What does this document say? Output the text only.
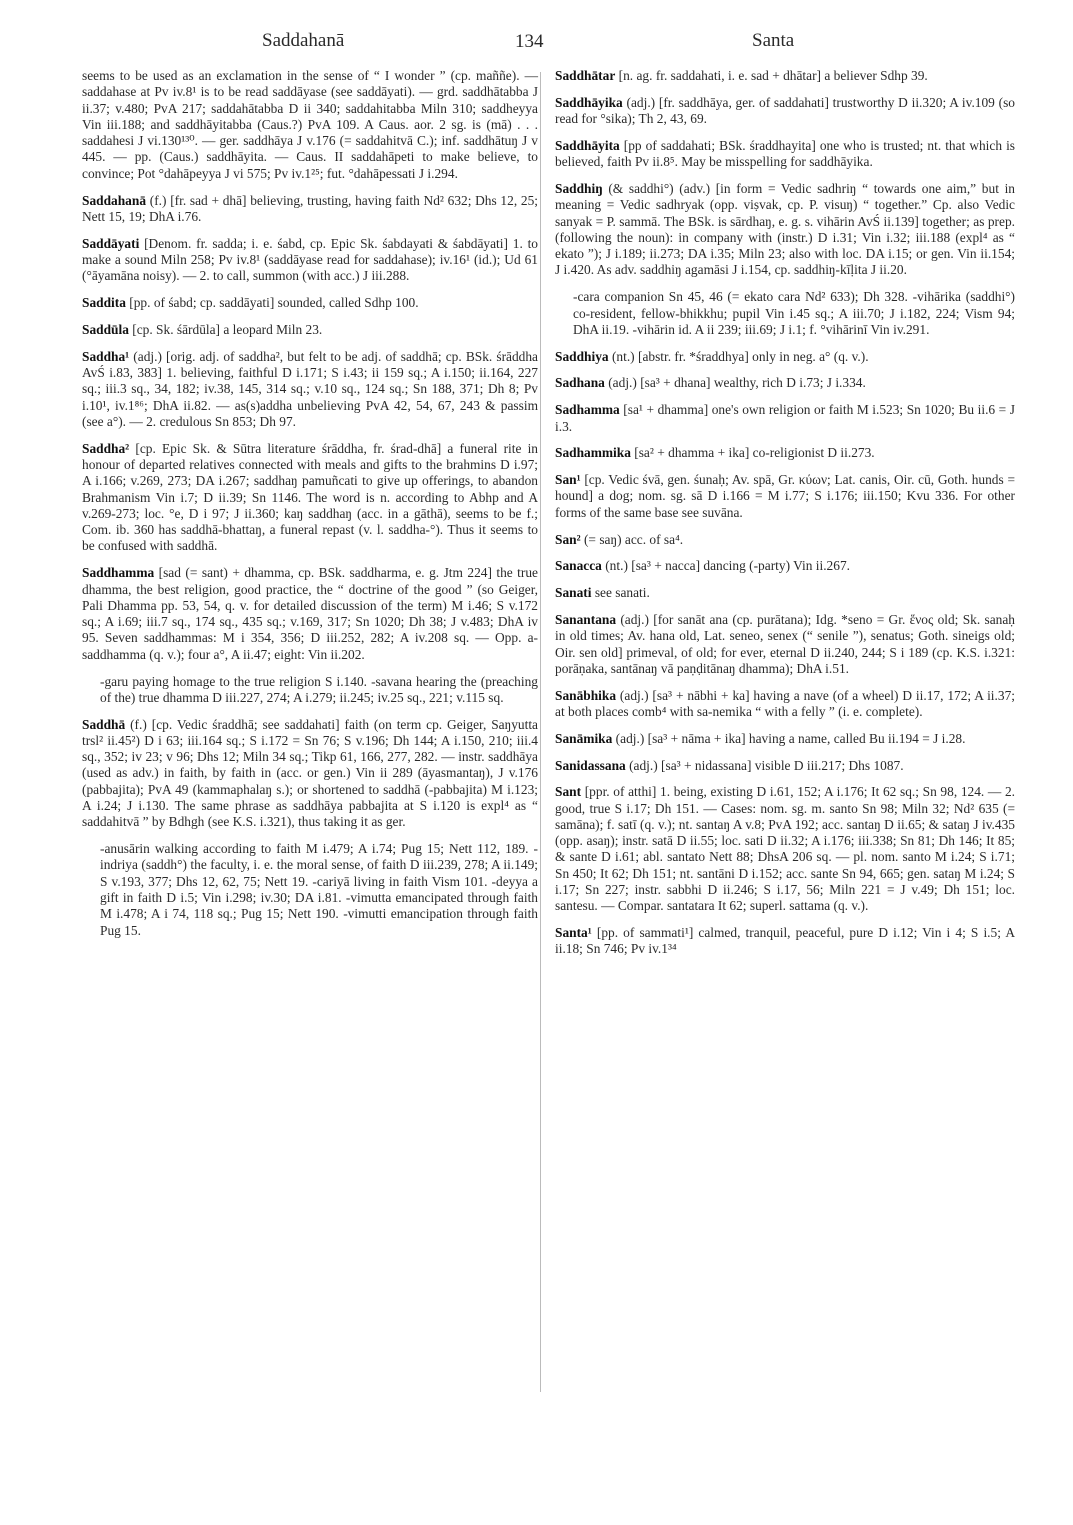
Saddahanā	134	Santa
seems to be used as an exclamation in the sense of “ I wonder ” (cp. maññe). — saddahase at Pv iv.8¹ is to be read saddāyase (see saddāyati). — grd. saddhātabba J ii.37; v.480; PvA 217; saddahātabba D ii 340; saddahitabba Miln 310; saddheyya Vin iii.188; and saddhāyitabba (Caus.?) PvA 109. A Caus. aor. 2 sg. is (mā) . . . saddahesi J vi.130¹³⁰. — ger. saddhāya J v.176 (= saddahitvā C.); inf. saddhātuŋ J v 445. — pp. (Caus.) saddhāyita. — Caus. II saddahāpeti to make believe, to convince; Pot °dahāpeyya J vi 575; Pv iv.1²⁵; fut. °dahāpessati J i.294.
Saddahanā (f.) [fr. sad + dhā] believing, trusting, having faith Nd² 632; Dhs 12, 25; Nett 15, 19; DhA i.76.
Saddāyati [Denom. fr. sadda; i. e. śabd, cp. Epic Sk. śabdayati & śabdāyati] 1. to make a sound Miln 258; Pv iv.8¹ (saddāyase read for saddahase); iv.16¹ (id.); Ud 61 (°āyamāna noisy). — 2. to call, summon (with acc.) J iii.288.
Saddita [pp. of śabd; cp. saddāyati] sounded, called Sdhp 100.
Saddūla [cp. Sk. śārdūla] a leopard Miln 23.
Saddha¹ (adj.) [orig. adj. of saddha², but felt to be adj. of saddhā; cp. BSk. śrāddha AvŚ i.83, 383] 1. believing, faithful D i.171; S i.43; ii 159 sq.; A i.150; ii.164, 227 sq.; iii.3 sq., 34, 182; iv.38, 145, 314 sq.; v.10 sq., 124 sq.; Sn 188, 371; Dh 8; Pv i.10¹, iv.1⁸⁶; DhA ii.82. — as(s)addha unbelieving PvA 42, 54, 67, 243 & passim (see a°). — 2. credulous Sn 853; Dh 97.
Saddha² [cp. Epic Sk. & Sūtra literature śrāddha, fr. śrad-dhā] a funeral rite in honour of departed relatives connected with meals and gifts to the brahmins D i.97; A i.166; v.269, 273; DA i.267; saddhaŋ pamuñcati to give up offerings, to abandon Brahmanism Vin i.7; D ii.39; Sn 1146. The word is n. according to Abhp and A v.269-273; loc. °e, D i 97; J ii.360; kaŋ saddhaŋ (acc. in a gāthā), seems to be f.; Com. ib. 360 has saddhā-bhattaŋ, a funeral repast (v. l. saddha-°). Thus it seems to be confused with saddhā.
Saddhamma [sad (= sant) + dhamma, cp. BSk. saddharma, e. g. Jtm 224] the true dhamma, the best religion, good practice, the “ doctrine of the good ” (so Geiger, Pali Dhamma pp. 53, 54, q. v. for detailed discussion of the term) M i.46; S v.172 sq.; A i.69; iii.7 sq., 174 sq., 435 sq.; v.169, 317; Sn 1020; Dh 38; J v.483; DhA iv 95. Seven saddhammas: M i 354, 356; D iii.252, 282; A iv.208 sq. — Opp. a-saddhamma (q. v.); four a°, A ii.47; eight: Vin ii.202.
-garu paying homage to the true religion S i.140. -savana hearing the (preaching of the) true dhamma D iii.227, 274; A i.279; ii.245; iv.25 sq., 221; v.115 sq.
Saddhā (f.) [cp. Vedic śraddhā; see saddahati] faith (on term cp. Geiger, Saŋyutta trsl² ii.45²) D i 63; iii.164 sq.; S i.172 = Sn 76; S v.196; Dh 144; A i.150, 210; iii.4 sq., 352; iv 23; v 96; Dhs 12; Miln 34 sq.; Tikp 61, 166, 277, 282. — instr. saddhāya (used as adv.) in faith, by faith in (acc. or gen.) Vin ii 289 (āyasmantaŋ), J v.176 (pabbajita); PvA 49 (kammaphalaŋ s.); or shortened to saddhā (-pabbajita) M i.123; A i.24; J i.130. The same phrase as saddhāya pabbajita at S i.120 is expl⁴ as “ saddahitvā ” by Bdhgh (see K.S. i.321), thus taking it as ger.
-anusārin walking according to faith M i.479; A i.74; Pug 15; Nett 112, 189. -indriya (saddh°) the faculty, i. e. the moral sense, of faith D iii.239, 278; A ii.149; S v.193, 377; Dhs 12, 62, 75; Nett 19. -cariyā living in faith Vism 101. -deyya a gift in faith D i.5; Vin i.298; iv.30; DA i.81. -vimutta emancipated through faith M i.478; A i 74, 118 sq.; Pug 15; Nett 190. -vimutti emancipation through faith Pug 15.
Saddhātar [n. ag. fr. saddahati, i. e. sad + dhātar] a believer Sdhp 39.
Saddhāyika (adj.) [fr. saddhāya, ger. of saddahati] trustworthy D ii.320; A iv.109 (so read for °sika); Th 2, 43, 69.
Saddhāyita [pp of saddahati; BSk. śraddhayita] one who is trusted; nt. that which is believed, faith Pv ii.8⁵. May be misspelling for saddhāyika.
Saddhiŋ (& saddhi°) (adv.) [in form = Vedic sadhriŋ “ towards one aim,” but in meaning = Vedic sadhryak (opp. viṣvak, cp. P. visuŋ) “ together.” Cp. also Vedic sanyak = P. sammā. The BSk. is sārdhaŋ, e. g. s. vihārin AvŚ ii.139] together; as prep. (following the noun): in company with (instr.) D i.31; Vin i.32; iii.188 (expl⁴ as “ ekato ”); J i.189; ii.273; DA i.35; Miln 23; also with loc. DA i.15; or gen. Vin ii.154; J i.420. As adv. saddhiŋ agamāsi J i.154, cp. saddhiŋ-kīḷita J ii.20.
-cara companion Sn 45, 46 (= ekato cara Nd² 633); Dh 328. -vihārika (saddhi°) co-resident, fellow-bhikkhu; pupil Vin i.45 sq.; A iii.70; J i.182, 224; Vism 94; DhA ii.19. -vihārin id. A ii 239; iii.69; J i.1; f. °vihārinī Vin iv.291.
Saddhiya (nt.) [abstr. fr. *śraddhya] only in neg. a° (q. v.).
Sadhana (adj.) [sa³ + dhana] wealthy, rich D i.73; J i.334.
Sadhamma [sa¹ + dhamma] one's own religion or faith M i.523; Sn 1020; Bu ii.6 = J i.3.
Sadhammika [sa² + dhamma + ika] co-religionist D ii.273.
San¹ [cp. Vedic śvā, gen. śunaḥ; Av. spā, Gr. κύων; Lat. canis, Oir. cū, Goth. hunds = hound] a dog; nom. sg. sā D i.166 = M i.77; S i.176; iii.150; Kvu 336. For other forms of the same base see suvāna.
San² (= saŋ) acc. of sa⁴.
Sanacca (nt.) [sa³ + nacca] dancing (-party) Vin ii.267.
Sanati see sanati.
Sanantana (adj.) [for sanāt ana (cp. purātana); Idg. *seno = Gr. ἕνος old; Sk. sanaḥ in old times; Av. hana old, Lat. seneo, senex (“ senile ”), senatus; Goth. sineigs old; Oir. sen old] primeval, of old; for ever, eternal D ii.240, 244; S i 189 (cp. K.S. i.321: porāṇaka, santānaŋ vā paṇḍitānaŋ dhamma); DhA i.51.
Sanābhika (adj.) [sa³ + nābhi + ka] having a nave (of a wheel) D ii.17, 172; A ii.37; at both places comb⁴ with sa-nemika “ with a felly ” (i. e. complete).
Sanāmika (adj.) [sa³ + nāma + ika] having a name, called Bu ii.194 = J i.28.
Sanidassana (adj.) [sa³ + nidassana] visible D iii.217; Dhs 1087.
Sant [ppr. of atthi] 1. being, existing D i.61, 152; A i.176; It 62 sq.; Sn 98, 124. — 2. good, true S i.17; Dh 151. — Cases: nom. sg. m. santo Sn 98; Miln 32; Nd² 635 (= samāna); f. satī (q. v.); nt. santaŋ A v.8; PvA 192; acc. santaŋ D ii.65; & sataŋ J iv.435 (opp. asaŋ); instr. satā D ii.55; loc. sati D ii.32; A i.176; iii.338; Sn 81; Dh 146; It 85; & sante D i.61; abl. santato Nett 88; DhsA 206 sq. — pl. nom. santo M i.24; S i.71; Sn 450; It 62; Dh 151; nt. santāni D i.152; acc. sante Sn 94, 665; gen. sataŋ M i.24; S i.17; Sn 227; instr. sabbhi D ii.246; S i.17, 56; Miln 221 = J v.49; Dh 151; loc. santesu. — Compar. santatara It 62; superl. sattama (q. v.).
Santa¹ [pp. of sammati¹] calmed, tranquil, peaceful, pure D i.12; Vin i 4; S i.5; A ii.18; Sn 746; Pv iv.1³⁴
